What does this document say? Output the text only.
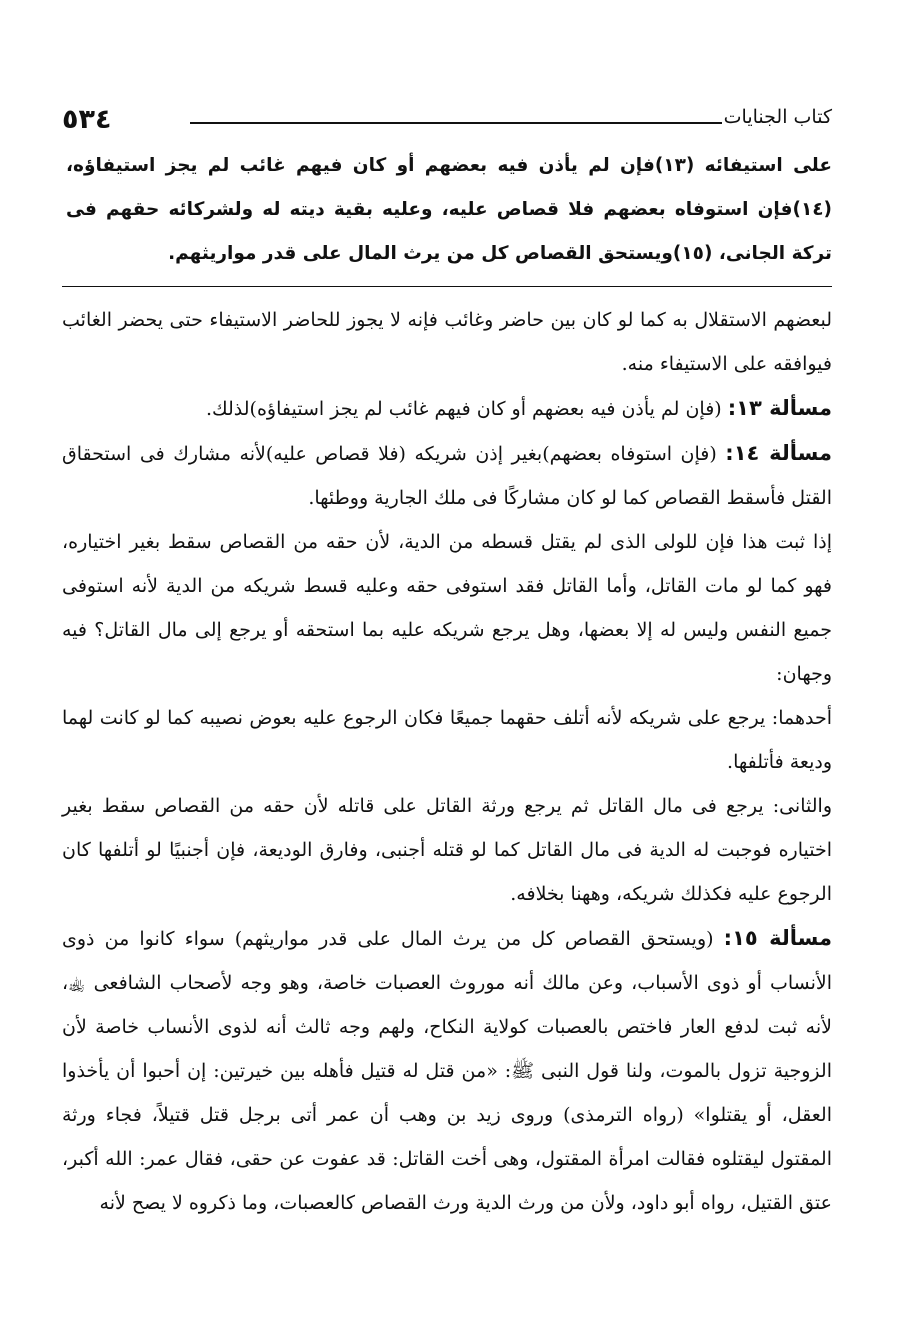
٥٣٤	كتاب الجنايات
على استيفائه (١٣)فإن لم يأذن فيه بعضهم أو كان فيهم غائب لم يجز استيفاؤه، (١٤)فإن استوفاه بعضهم فلا قصاص عليه، وعليه بقية ديته له ولشركائه حقهم فى تركة الجانى، (١٥)ويستحق القصاص كل من يرث المال على قدر مواريثهم.

لبعضهم الاستقلال به كما لو كان بين حاضر وغائب فإنه لا يجوز للحاضر الاستيفاء حتى يحضر الغائب فيوافقه على الاستيفاء منه.

مسألة ١٣: (فإن لم يأذن فيه بعضهم أو كان فيهم غائب لم يجز استيفاؤه)لذلك.

مسألة ١٤: (فإن استوفاه بعضهم)بغير إذن شريكه (فلا قصاص عليه)لأنه مشارك فى استحقاق القتل فأسقط القصاص كما لو كان مشاركًا فى ملك الجارية ووطئها.

إذا ثبت هذا فإن للولى الذى لم يقتل قسطه من الدية، لأن حقه من القصاص سقط بغير اختياره، فهو كما لو مات القاتل، وأما القاتل فقد استوفى حقه وعليه قسط شريكه من الدية لأنه استوفى جميع النفس وليس له إلا بعضها، وهل يرجع شريكه عليه بما استحقه أو يرجع إلى مال القاتل؟ فيه وجهان:

أحدهما: يرجع على شريكه لأنه أتلف حقهما جميعًا فكان الرجوع عليه بعوض نصيبه كما لو كانت لهما وديعة فأتلفها.

والثانى: يرجع فى مال القاتل ثم يرجع ورثة القاتل على قاتله لأن حقه من القصاص سقط بغير اختياره فوجبت له الدية فى مال القاتل كما لو قتله أجنبى، وفارق الوديعة، فإن أجنبيًا لو أتلفها كان الرجوع عليه فكذلك شريكه، وههنا بخلافه.

مسألة ١٥: (ويستحق القصاص كل من يرث المال على قدر مواريثهم) سواء كانوا من ذوى الأنساب أو ذوى الأسباب، وعن مالك أنه موروث العصبات خاصة، وهو وجه لأصحاب الشافعى ﵀، لأنه ثبت لدفع العار فاختص بالعصبات كولاية النكاح، ولهم وجه ثالث أنه لذوى الأنساب خاصة لأن الزوجية تزول بالموت، ولنا قول النبى ﷺ: «من قتل له قتيل فأهله بين خيرتين: إن أحبوا أن يأخذوا العقل، أو يقتلوا» (رواه الترمذى) وروى زيد بن وهب أن عمر أتى برجل قتل قتيلاً، فجاء ورثة المقتول ليقتلوه فقالت امرأة المقتول، وهى أخت القاتل: قد عفوت عن حقى، فقال عمر: الله أكبر، عتق القتيل، رواه أبو داود، ولأن من ورث الدية ورث القصاص كالعصبات، وما ذكروه لا يصح لأنه
